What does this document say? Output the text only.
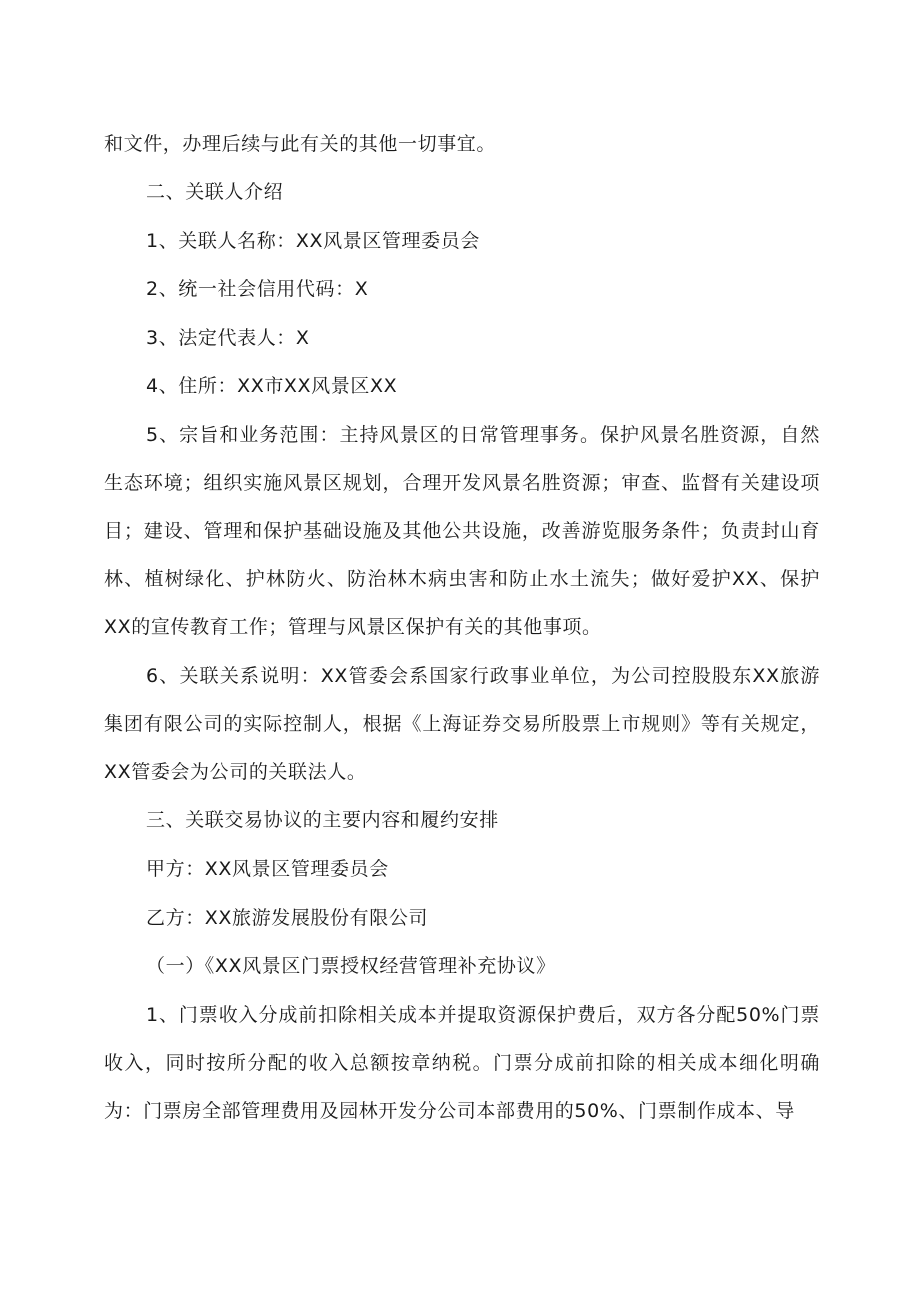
和文件，办理后续与此有关的其他一切事宜。
二、关联人介绍
1、关联人名称：XX风景区管理委员会
2、统一社会信用代码：X
3、法定代表人：X
4、住所：XX市XX风景区XX
5、宗旨和业务范围：主持风景区的日常管理事务。保护风景名胜资源，自然生态环境；组织实施风景区规划，合理开发风景名胜资源；审查、监督有关建设项目；建设、管理和保护基础设施及其他公共设施，改善游览服务条件；负责封山育林、植树绿化、护林防火、防治林木病虫害和防止水土流失；做好爱护XX、保护XX的宣传教育工作；管理与风景区保护有关的其他事项。
6、关联关系说明：XX管委会系国家行政事业单位，为公司控股股东XX旅游集团有限公司的实际控制人，根据《上海证券交易所股票上市规则》等有关规定，XX管委会为公司的关联法人。
三、关联交易协议的主要内容和履约安排
甲方：XX风景区管理委员会
乙方：XX旅游发展股份有限公司
（一）《XX风景区门票授权经营管理补充协议》
1、门票收入分成前扣除相关成本并提取资源保护费后，双方各分配50%门票收入，同时按所分配的收入总额按章纳税。门票分成前扣除的相关成本细化明确为：门票房全部管理费用及园林开发分公司本部费用的50%、门票制作成本、导
